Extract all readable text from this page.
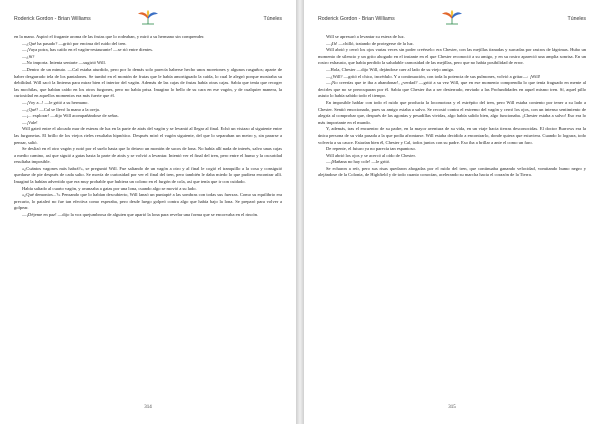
Roderick Gordon - Brian Williams	Túneles

en la mano. Aspiró el fragante aroma de las frutas que lo rodeaban, y miró a su hermano sin comprender.

—¿Qué ha pasado? —gritó por encima del ruido del tren.

—¡Vaya potra, has caído en el vagón-restaurante! —se rió entre dientes.

—¿Sí?

—No importa. Intenta sentarte —sugirió Will.

—Dentro de un minuto. —Cal estaba aturdido, pero por lo demás solo parecía haberse hecho unos moretones y algunos rasguños; aparte de haber desgarrado tela de los pantalones. Se tumbó en el montón de frutas que le había amortiguado la caída, lo cual le alegró porque mostraba su debilidad. Will sacó la linterna para mirar bien el interior del vagón. Además de las cajas de frutas había otras cajas. Sabía que tenía que recoger las mochilas, que habían caído en los otros furgones, pero no había prisa. Imagino lo bello de su cara en ese vagón, y de cualquier manera, la curiosidad en aquellos momentos era más fuerte que él.

—¡Voy a...! —le gritó a su hermano.

—¿Qué? —Cal se llevó la mano a la oreja.

—¡... explorar! —dijo Will acompañándose de señas.

—¡Vale!

Will gateó entre el alocado mar de esteras de luz en la parte de atrás del vagón y se levantó al llegar al final. Echó un vistazo al siguiente entre las furgonetas. El brillo de los viejos rieles resultaba hipnótico. Después miró el vagón siguiente, del que lo separaban un metro y, sin pararse a pensar, saltó.

Se deslizó en el otro vagón y notó por el suelo hasta que lo detuvo un montón de sacos de lona. No había allí nada de interés, salvo unas cajas a medio camino, así que siguió a gatas hasta la parte de atrás y se volvió a levantar. Intentó ver el final del tren, pero entre el humo y la oscuridad resultaba imposible.

«¿Cuántos vagones más habrá?», se preguntó Will. Fue saltando de un vagón a otro y al final le cogió el tranquillo a la cosa y consiguió quedarse de pie después de cada salto. Se movía de curiosidad por ver el final del tren, pero también le daba miedo lo que pudiera encontrar allí. Imaginó la habían advertido que era muy probable que hubiera un colono en el furgón de cola, así que tenía que ir con cuidado.

Había saltado al cuarto vagón, y avanzaba a gatas por una lona, cuando algo se movió a su lado.

«¿Qué demonios...?» Pensando que lo habían descubierto, Will lanzó un puntapié a las sombras con todas sus fuerzas. Como su equilibrio era precario, lo pataleó no fue tan efectiva como esperaba, pero desde luego golpeó contra algo que había bajo la lona. Se preparó para volver a golpear.

—¡Déjeme en paz! —dijo la voz quejumbrosa de alguien que apartó la lona para revelar una forma que se encorvaba en el rincón.

314
Roderick Gordon - Brian Williams	Túneles

Will se apresuró a levantar su estera de luz.

—¡Ih! —chilló, tratando de protegerse de la luz.

Will abrió y cerró los ojos varias veces sin poder creérselo: era Chester, con las mejillas tiznadas y surcadas por rastros de lágrimas. Hubo un momento de silencio y un grito ahogado en el instante en el que Chester reconoció a su amigo, y en su rostro apareció una amplia sonrisa. En un rostro exhausto, que había perdido la saludable carnosidad de las mejillas, pero que no había posibilidad de error.

—Hola, Chester —dijo Will, dejándose caer al lado de su viejo amigo.

—¿Will? —gritó el chico, incrédulo. Y a continuación, con toda la potencia de sus pulmones, volvió a gritar—: ¡Will!

—¡No creerías que te iba a abandonar!, ¿verdad? —gritó a su vez Will, que en ese momento comprendía lo que tenía fraguado en mente al decirles que no se preocuparan por él. Sabía que Chester iba a ser desterrado, enviado a las Profundidades en aquel mismo tren. Sí, aquel pillo astuto lo había sabido todo el tiempo.

En imposible hablar con todo el ruido que producía la locomotora y el estrépito del tren, pero Will estaba contento por tener a su lado a Chester. Sentió emocionado, pues su amigo estaba a salvo. Se recostó contra el extremo del vagón y cerró los ojos, con un intenso sentimiento de alegría al comprobar que, después de las agonías y pesadillas vividas, algo había salido bien, algo funcionaba. ¡Chester estaba a salvo! Eso era lo más importante en el mundo.

Y, además, tras el encuentro de su padre, en la mayor aventura de su vida, en un viaje hacia tierras desconocidas. El doctor Burrows era la única persona de su vida pasada a la que podía afrontarse. Will estaba decidido a encontrarlo, donde quiera que estuviera. Cuando lo lograra, todo volvería a su cauce. Estarían bien él, Chester y Cal, todos juntos con su padre. Eso iba a brillar a ante el como un faro.

De repente, el futuro ya no parecía tan espantoso.

Will abrió los ojos y se acercó al oído de Chester.

—¡Mañana no hay cole! —le gritó.

Se echaron a reír, pero sus risas quedaron ahogadas por el ruido del tren, que continuaba ganando velocidad, vomitando humo negro y alejándose de la Colonia, de Highfield y de todo cuanto conocían, acelerando su marcha hacia el corazón de la Tierra.

315
